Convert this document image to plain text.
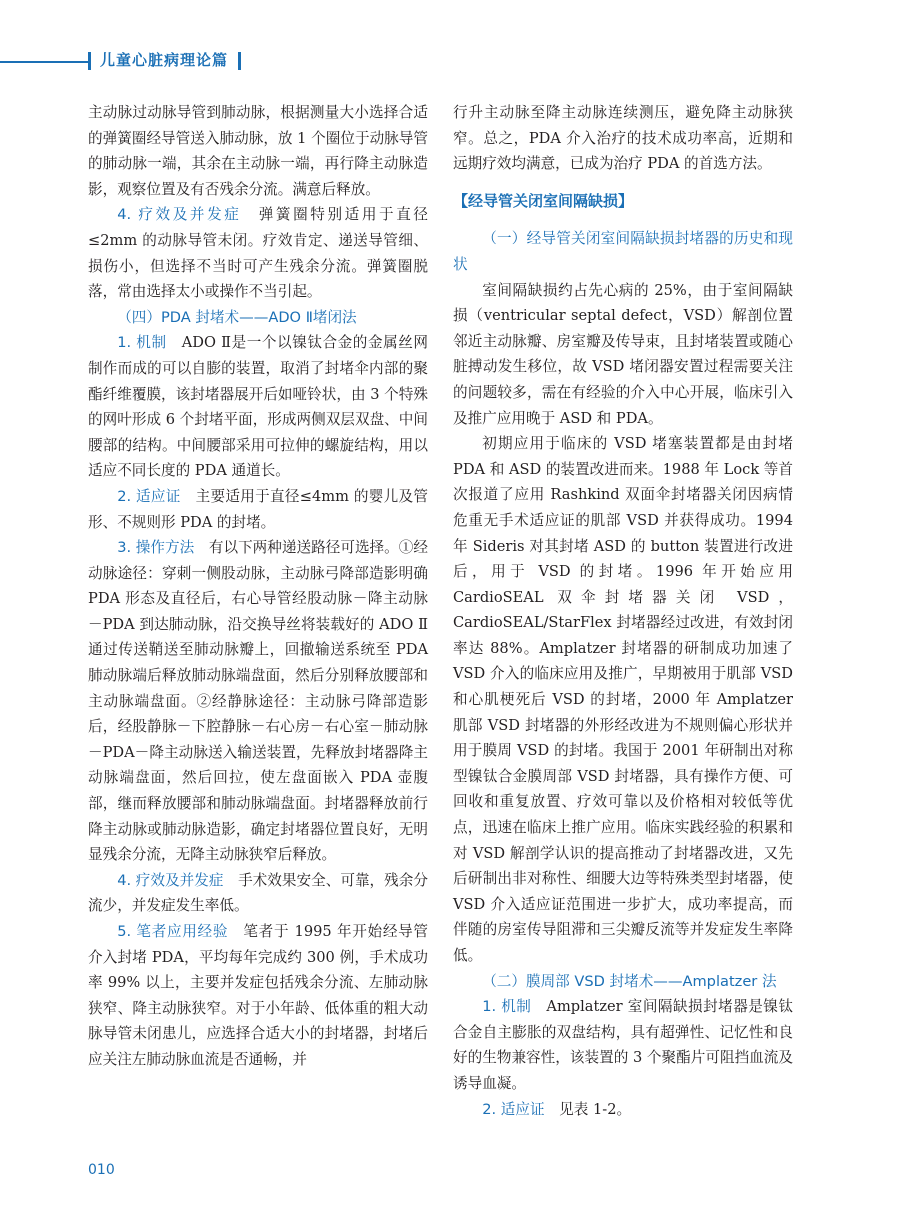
儿童心脏病理论篇

主动脉过动脉导管到肺动脉，根据测量大小选择合适的弹簧圈经导管送入肺动脉，放 1 个圈位于动脉导管的肺动脉一端，其余在主动脉一端，再行降主动脉造影，观察位置及有否残余分流。满意后释放。

4. 疗效及并发症　 弹簧圈特别适用于直径≤2mm 的动脉导管未闭。疗效肯定、递送导管细、损伤小，但选择不当时可产生残余分流。弹簧圈脱落，常由选择太小或操作不当引起。

（四）PDA 封堵术——ADO Ⅱ堵闭法

1. 机制　 ADO Ⅱ是一个以镍钛合金的金属丝网制作而成的可以自膨的装置，取消了封堵伞内部的聚酯纤维覆膜，该封堵器展开后如哑铃状，由 3 个特殊的网叶形成 6 个封堵平面，形成两侧双层双盘、中间腰部的结构。中间腰部采用可拉伸的螺旋结构，用以适应不同长度的 PDA 通道长。

2. 适应证　 主要适用于直径≤4mm 的婴儿及管形、不规则形 PDA 的封堵。

3. 操作方法　 有以下两种递送路径可选择。①经动脉途径：穿刺一侧股动脉，主动脉弓降部造影明确 PDA 形态及直径后，右心导管经股动脉－降主动脉－PDA 到达肺动脉，沿交换导丝将装载好的 ADO Ⅱ通过传送鞘送至肺动脉瓣上，回撤输送系统至 PDA 肺动脉端后释放肺动脉端盘面，然后分别释放腰部和主动脉端盘面。②经静脉途径：主动脉弓降部造影后，经股静脉－下腔静脉－右心房－右心室－肺动脉－PDA－降主动脉送入输送装置，先释放封堵器降主动脉端盘面，然后回拉，使左盘面嵌入 PDA 壶腹部，继而释放腰部和肺动脉端盘面。封堵器释放前行降主动脉或肺动脉造影，确定封堵器位置良好，无明显残余分流，无降主动脉狭窄后释放。

4. 疗效及并发症　 手术效果安全、可靠，残余分流少，并发症发生率低。

5. 笔者应用经验　 笔者于 1995 年开始经导管介入封堵 PDA，平均每年完成约 300 例，手术成功率 99% 以上，主要并发症包括残余分流、左肺动脉狭窄、降主动脉狭窄。对于小年龄、低体重的粗大动脉导管未闭患儿，应选择合适大小的封堵器，封堵后应关注左肺动脉血流是否通畅，并

行升主动脉至降主动脉连续测压，避免降主动脉狭窄。总之，PDA 介入治疗的技术成功率高，近期和远期疗效均满意，已成为治疗 PDA 的首选方法。

【经导管关闭室间隔缺损】

（一）经导管关闭室间隔缺损封堵器的历史和现状

室间隔缺损约占先心病的 25%，由于室间隔缺损（ventricular septal defect，VSD）解剖位置邻近主动脉瓣、房室瓣及传导束，且封堵装置或随心脏搏动发生移位，故 VSD 堵闭器安置过程需要关注的问题较多，需在有经验的介入中心开展，临床引入及推广应用晚于 ASD 和 PDA。

初期应用于临床的 VSD 堵塞装置都是由封堵 PDA 和 ASD 的装置改进而来。1988 年 Lock 等首次报道了应用 Rashkind 双面伞封堵器关闭因病情危重无手术适应证的肌部 VSD 并获得成功。1994 年 Sideris 对其封堵 ASD 的 button 装置进行改进后，用于 VSD 的封堵。1996 年开始应用 CardioSEAL 双伞封堵器关闭 VSD，CardioSEAL/StarFlex 封堵器经过改进，有效封闭率达 88%。Amplatzer 封堵器的研制成功加速了 VSD 介入的临床应用及推广，早期被用于肌部 VSD 和心肌梗死后 VSD 的封堵，2000 年 Amplatzer 肌部 VSD 封堵器的外形经改进为不规则偏心形状并用于膜周 VSD 的封堵。我国于 2001 年研制出对称型镍钛合金膜周部 VSD 封堵器，具有操作方便、可回收和重复放置、疗效可靠以及价格相对较低等优点，迅速在临床上推广应用。临床实践经验的积累和对 VSD 解剖学认识的提高推动了封堵器改进，又先后研制出非对称性、细腰大边等特殊类型封堵器，使 VSD 介入适应证范围进一步扩大，成功率提高，而伴随的房室传导阻滞和三尖瓣反流等并发症发生率降低。

（二）膜周部 VSD 封堵术——Amplatzer 法

1. 机制　 Amplatzer 室间隔缺损封堵器是镍钛合金自主膨胀的双盘结构，具有超弹性、记忆性和良好的生物兼容性，该装置的 3 个聚酯片可阻挡血流及诱导血凝。

2. 适应证　 见表 1-2。

010
